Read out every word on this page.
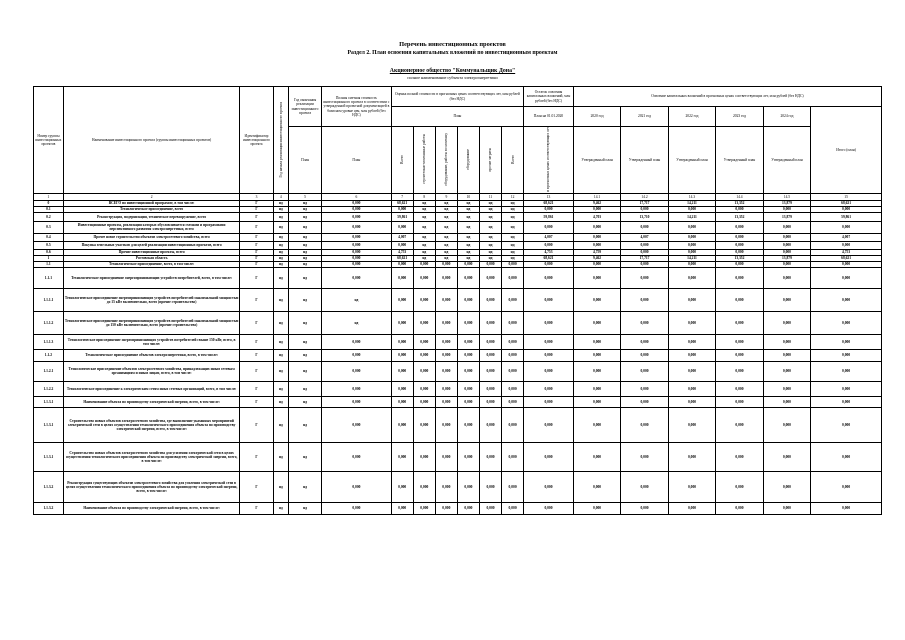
Перечень инвестиционных проектов
Раздел 2. План освоения капитальных вложений по инвестиционным проектам
Акционерное общество "Коммунальщик Дона"
полное наименование субъекта электроэнергетики
Номер группы инвестиционных проектов	Наименование инвестиционного проекта (группы инвестиционных проектов)	Идентификатор инвестиционного проекта	Год начала реализации инвестиционного проекта	Год окончания реализации инвестиционного проекта	Полная сметная стоимость инвестиционного проекта в соответствии с утвержденной проектной документацией в базисном уровне цен, млн рублей (без НДС)	Оценка полной стоимости в прогнозных ценах соответствующих лет, млн рублей (без НДС)						Остаток освоения капитальных вложений, млн рублей (без НДС)	Освоение капитальных вложений в прогнозных ценах соответствующих лет, млн рублей (без НДС)					
						План						План на 01.01.2020	2020 год	2021 год	2022 год	2023 год	2024 год	Итого (план)
				План	План	Всего	строительно-монтажные работы	оборудование, работы по монтажу	оборудование	прочие затраты	Всего	в прогнозных ценах соответствующих лет	Утвержденный план	Утвержденный план	Утвержденный план	Утвержденный план	Утвержденный план	
1	2	3	4	5	6	7	8	9	10	11	12	13	14.1	14.2	14.3	14.4	14.5	15
0	ВСЕГО по инвестиционной программе, в том числе:	Г	нд	нд	0,000	68,621	нд	нд	нд	нд	нд	68,621	9,462	17,717	14,211	13,352	13,879	68,621
0.1	Технологическое присоединение, всего	Г	нд	нд	0,000	0,000	нд	нд	нд	нд	нд	0,000	0,000	0,000	0,000	0,000	0,000	0,000
0.2	Реконструкция, модернизация, техническое перевооружение, всего	Г	нд	нд	0,000	59,861	нд	нд	нд	нд	нд	59,861	4,703	13,710	14,211	13,352	13,879	59,861
0.3	Инвестиционные проекты, реализация которых обусловливается схемами и программами перспективного развития электроэнергетики, всего	Г	нд	нд	0,000	0,000	нд	нд	нд	нд	нд	0,000	0,000	0,000	0,000	0,000	0,000	0,000
0.4	Прочее новое строительство объектов электросетевого хозяйства, всего	Г	нд	нд	0,000	4,007	нд	нд	нд	нд	нд	4,007	0,000	4,007	0,000	0,000	0,000	4,007
0.5	Покупка земельных участков для целей реализации инвестиционных проектов, всего	Г	нд	нд	0,000	0,000	нд	нд	нд	нд	нд	0,000	0,000	0,000	0,000	0,000	0,000	0,000
0.6	Прочие инвестиционные проекты, всего	Г	нд	нд	0,000	4,753	нд	нд	нд	нд	нд	4,753	4,759	0,000	0,000	0,000	0,000	4,753
1	Ростовская область	Г	нд	нд	0,000	68,621	нд	нд	нд	нд	нд	68,621	9,462	17,717	14,211	13,352	13,879	68,621
1.1	Технологическое присоединение, всего, в том числе:	Г	нд	нд	0,000	0,000	0,000	0,000	0,000	0,000	0,000	0,000	0,000	0,000	0,000	0,000	0,000	0,000
1.1.1	Технологическое присоединение энергопринимающих устройств потребителей, всего, в том числе:	Г	нд	нд	0,000	0,000	0,000	0,000	0,000	0,000	0,000	0,000	0,000	0,000	0,000	0,000	0,000	0,000
1.1.1.1	Технологическое присоединение энергопринимающих устройств потребителей максимальной мощностью до 15 кВт включительно, всего (прочие строительство)	Г	нд	нд	нд	0,000	0,000	0,000	0,000	0,000	0,000	0,000	0,000	0,000	0,000	0,000	0,000	0,000
1.1.1.2	Технологическое присоединение энергопринимающих устройств потребителей максимальной мощностью до 150 кВт включительно, всего (прочие строительство)	Г	нд	нд	нд	0,000	0,000	0,000	0,000	0,000	0,000	0,000	0,000	0,000	0,000	0,000	0,000	0,000
1.1.1.3	Технологическое присоединение энергопринимающих устройств потребителей свыше 150 кВт, всего, в том числе:	Г	нд	нд	0,000	0,000	0,000	0,000	0,000	0,000	0,000	0,000	0,000	0,000	0,000	0,000	0,000	0,000
1.1.2	Технологическое присоединение объектов электроэнергетики, всего, в том числе:	Г	нд	нд	0,000	0,000	0,000	0,000	0,000	0,000	0,000	0,000	0,000	0,000	0,000	0,000	0,000	0,000
1.1.2.1	Технологическое присоединение объектов электросетевого хозяйства, принадлежащих иным сетевым организациям и иным лицам, всего, в том числе:	Г	нд	нд	0,000	0,000	0,000	0,000	0,000	0,000	0,000	0,000	0,000	0,000	0,000	0,000	0,000	0,000
1.1.2.2	Технологическое присоединение к электрическим сетям иных сетевых организаций, всего, в том числе:	Г	нд	нд	0,000	0,000	0,000	0,000	0,000	0,000	0,000	0,000	0,000	0,000	0,000	0,000	0,000	0,000
1.1.3.1	Наименование объекта по производству электрической энергии, всего, в том числе:	Г	нд	нд	0,000	0,000	0,000	0,000	0,000	0,000	0,000	0,000	0,000	0,000	0,000	0,000	0,000	0,000
1.1.3.1	Строительство новых объектов электросетевого хозяйства, где выполнение указанных мероприятий электрической сети в целях осуществления технологического присоединения объекта по производству электрической энергии, всего, в том числе:	Г	нд	нд	0,000	0,000	0,000	0,000	0,000	0,000	0,000	0,000	0,000	0,000	0,000	0,000	0,000	0,000
1.1.3.1	Строительство новых объектов электросетевого хозяйства для усиления электрической сети в целях осуществления технологического присоединения объекта по производству электрической энергии, всего, в том числе:	Г	нд	нд	0,000	0,000	0,000	0,000	0,000	0,000	0,000	0,000	0,000	0,000	0,000	0,000	0,000	0,000
1.1.3.2	Реконструкция существующих объектов электросетевого хозяйства для усиления электрической сети в целях осуществления технологического присоединения объекта по производству электрической энергии, всего, в том числе:	Г	нд	нд	0,000	0,000	0,000	0,000	0,000	0,000	0,000	0,000	0,000	0,000	0,000	0,000	0,000	0,000
1.1.3.2	Наименование объекта по производству электрической энергии, всего, в том числе:	Г	нд	нд	0,000	0,000	0,000	0,000	0,000	0,000	0,000	0,000	0,000	0,000	0,000	0,000	0,000	0,000
